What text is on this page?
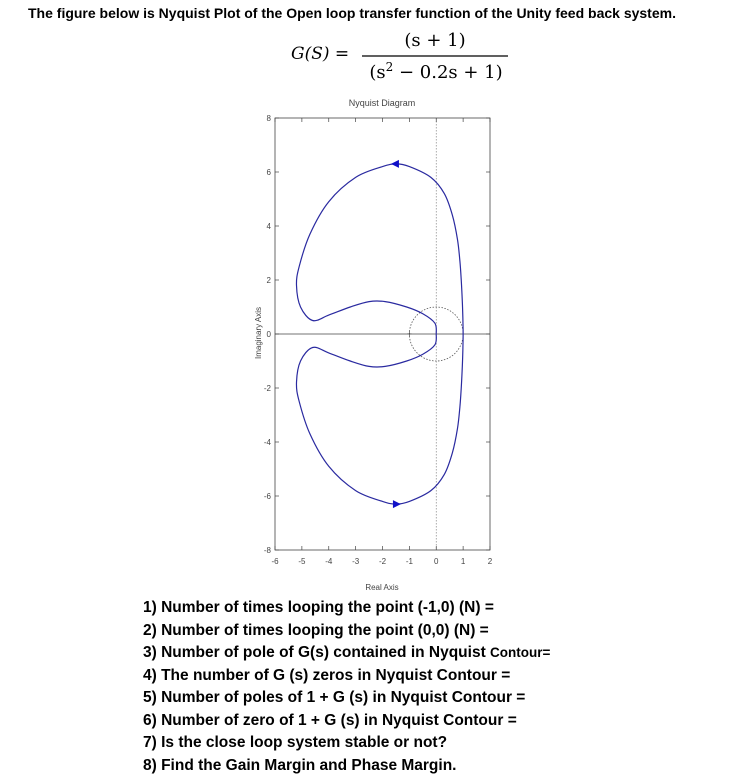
The figure below is Nyquist Plot of the Open loop transfer function of the Unity feed back system.
G(S) =
(s + 1)
$(s^2 - 0.2s + 1)$
Nyquist Diagram
-6 -5 -4 -3 -2 -1	0	1	2
8
6
4
2
0
-2
-4
-6
-8
+
Real Axis
Imaginary Axis
1) Number of times looping the point (-1,0) (N) =
2) Number of times looping the point (0,0) (N) =
3) Number of pole of G(s) contained in Nyquist Contour=
4) The number of G (s) zeros in Nyquist Contour =
5) Number of poles of 1 + G (s) in Nyquist Contour =
6) Number of zero of 1 + G (s) in Nyquist Contour =
7) Is the close loop system stable or not?
8) Find the Gain Margin and Phase Margin.
